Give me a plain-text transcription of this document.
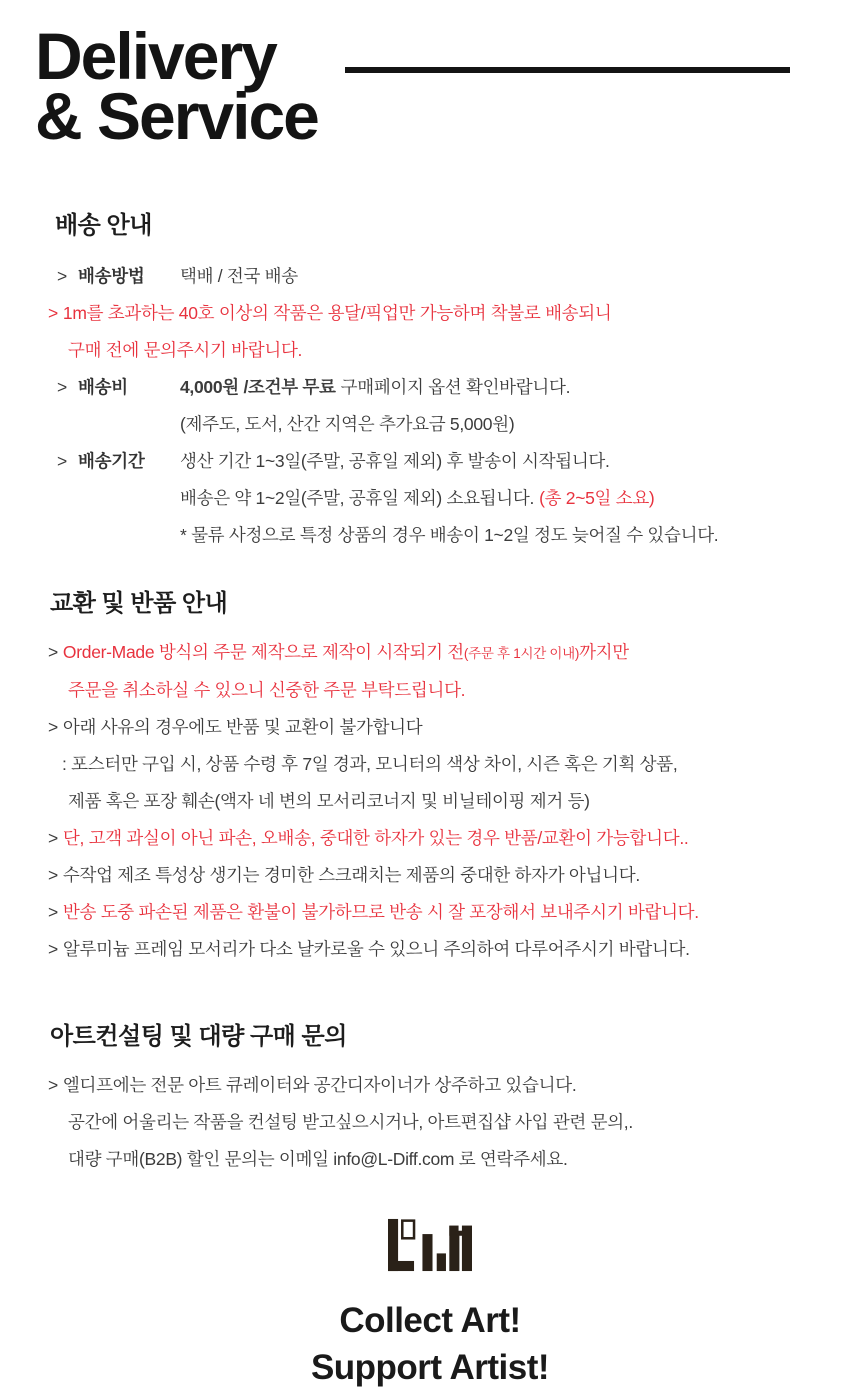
Delivery
& Service
배송 안내
> 배송방법	택배 / 전국 배송
> 1m를 초과하는 40호 이상의 작품은 용달/픽업만 가능하며 착불로 배송되니
구매 전에 문의주시기 바랍니다.
> 배송비	4,000원 /조건부 무료 구매페이지 옵션 확인바랍니다.
(제주도, 도서, 산간 지역은 추가요금 5,000원)
> 배송기간	생산 기간 1~3일(주말, 공휴일 제외) 후 발송이 시작됩니다.
배송은 약 1~2일(주말, 공휴일 제외) 소요됩니다. (총 2~5일 소요)
* 물류 사정으로 특정 상품의 경우 배송이 1~2일 정도 늦어질 수 있습니다.
교환 및 반품 안내
> Order-Made 방식의 주문 제작으로 제작이 시작되기 전(주문 후 1시간 이내)까지만
주문을 취소하실 수 있으니 신중한 주문 부탁드립니다.
> 아래 사유의 경우에도 반품 및 교환이 불가합니다
: 포스터만 구입 시, 상품 수령 후 7일 경과, 모니터의 색상 차이, 시즌 혹은 기획 상품,
제품 혹은 포장 훼손(액자 네 변의 모서리코너지 및 비닐테이핑 제거 등)
> 단, 고객 과실이 아닌 파손, 오배송, 중대한 하자가 있는 경우 반품/교환이 가능합니다..
> 수작업 제조 특성상 생기는 경미한 스크래치는 제품의 중대한 하자가 아닙니다.
> 반송 도중 파손된 제품은 환불이 불가하므로 반송 시 잘 포장해서 보내주시기 바랍니다.
> 알루미늄 프레임 모서리가 다소 날카로울 수 있으니 주의하여 다루어주시기 바랍니다.
아트컨설팅 및 대량 구매 문의
> 엘디프에는 전문 아트 큐레이터와 공간디자이너가 상주하고 있습니다.
공간에 어울리는 작품을 컨설팅 받고싶으시거나, 아트편집샵 사입 관련 문의,.
대량 구매(B2B) 할인 문의는 이메일 info@L-Diff.com 로 연락주세요.
Collect Art!
Support Artist!
